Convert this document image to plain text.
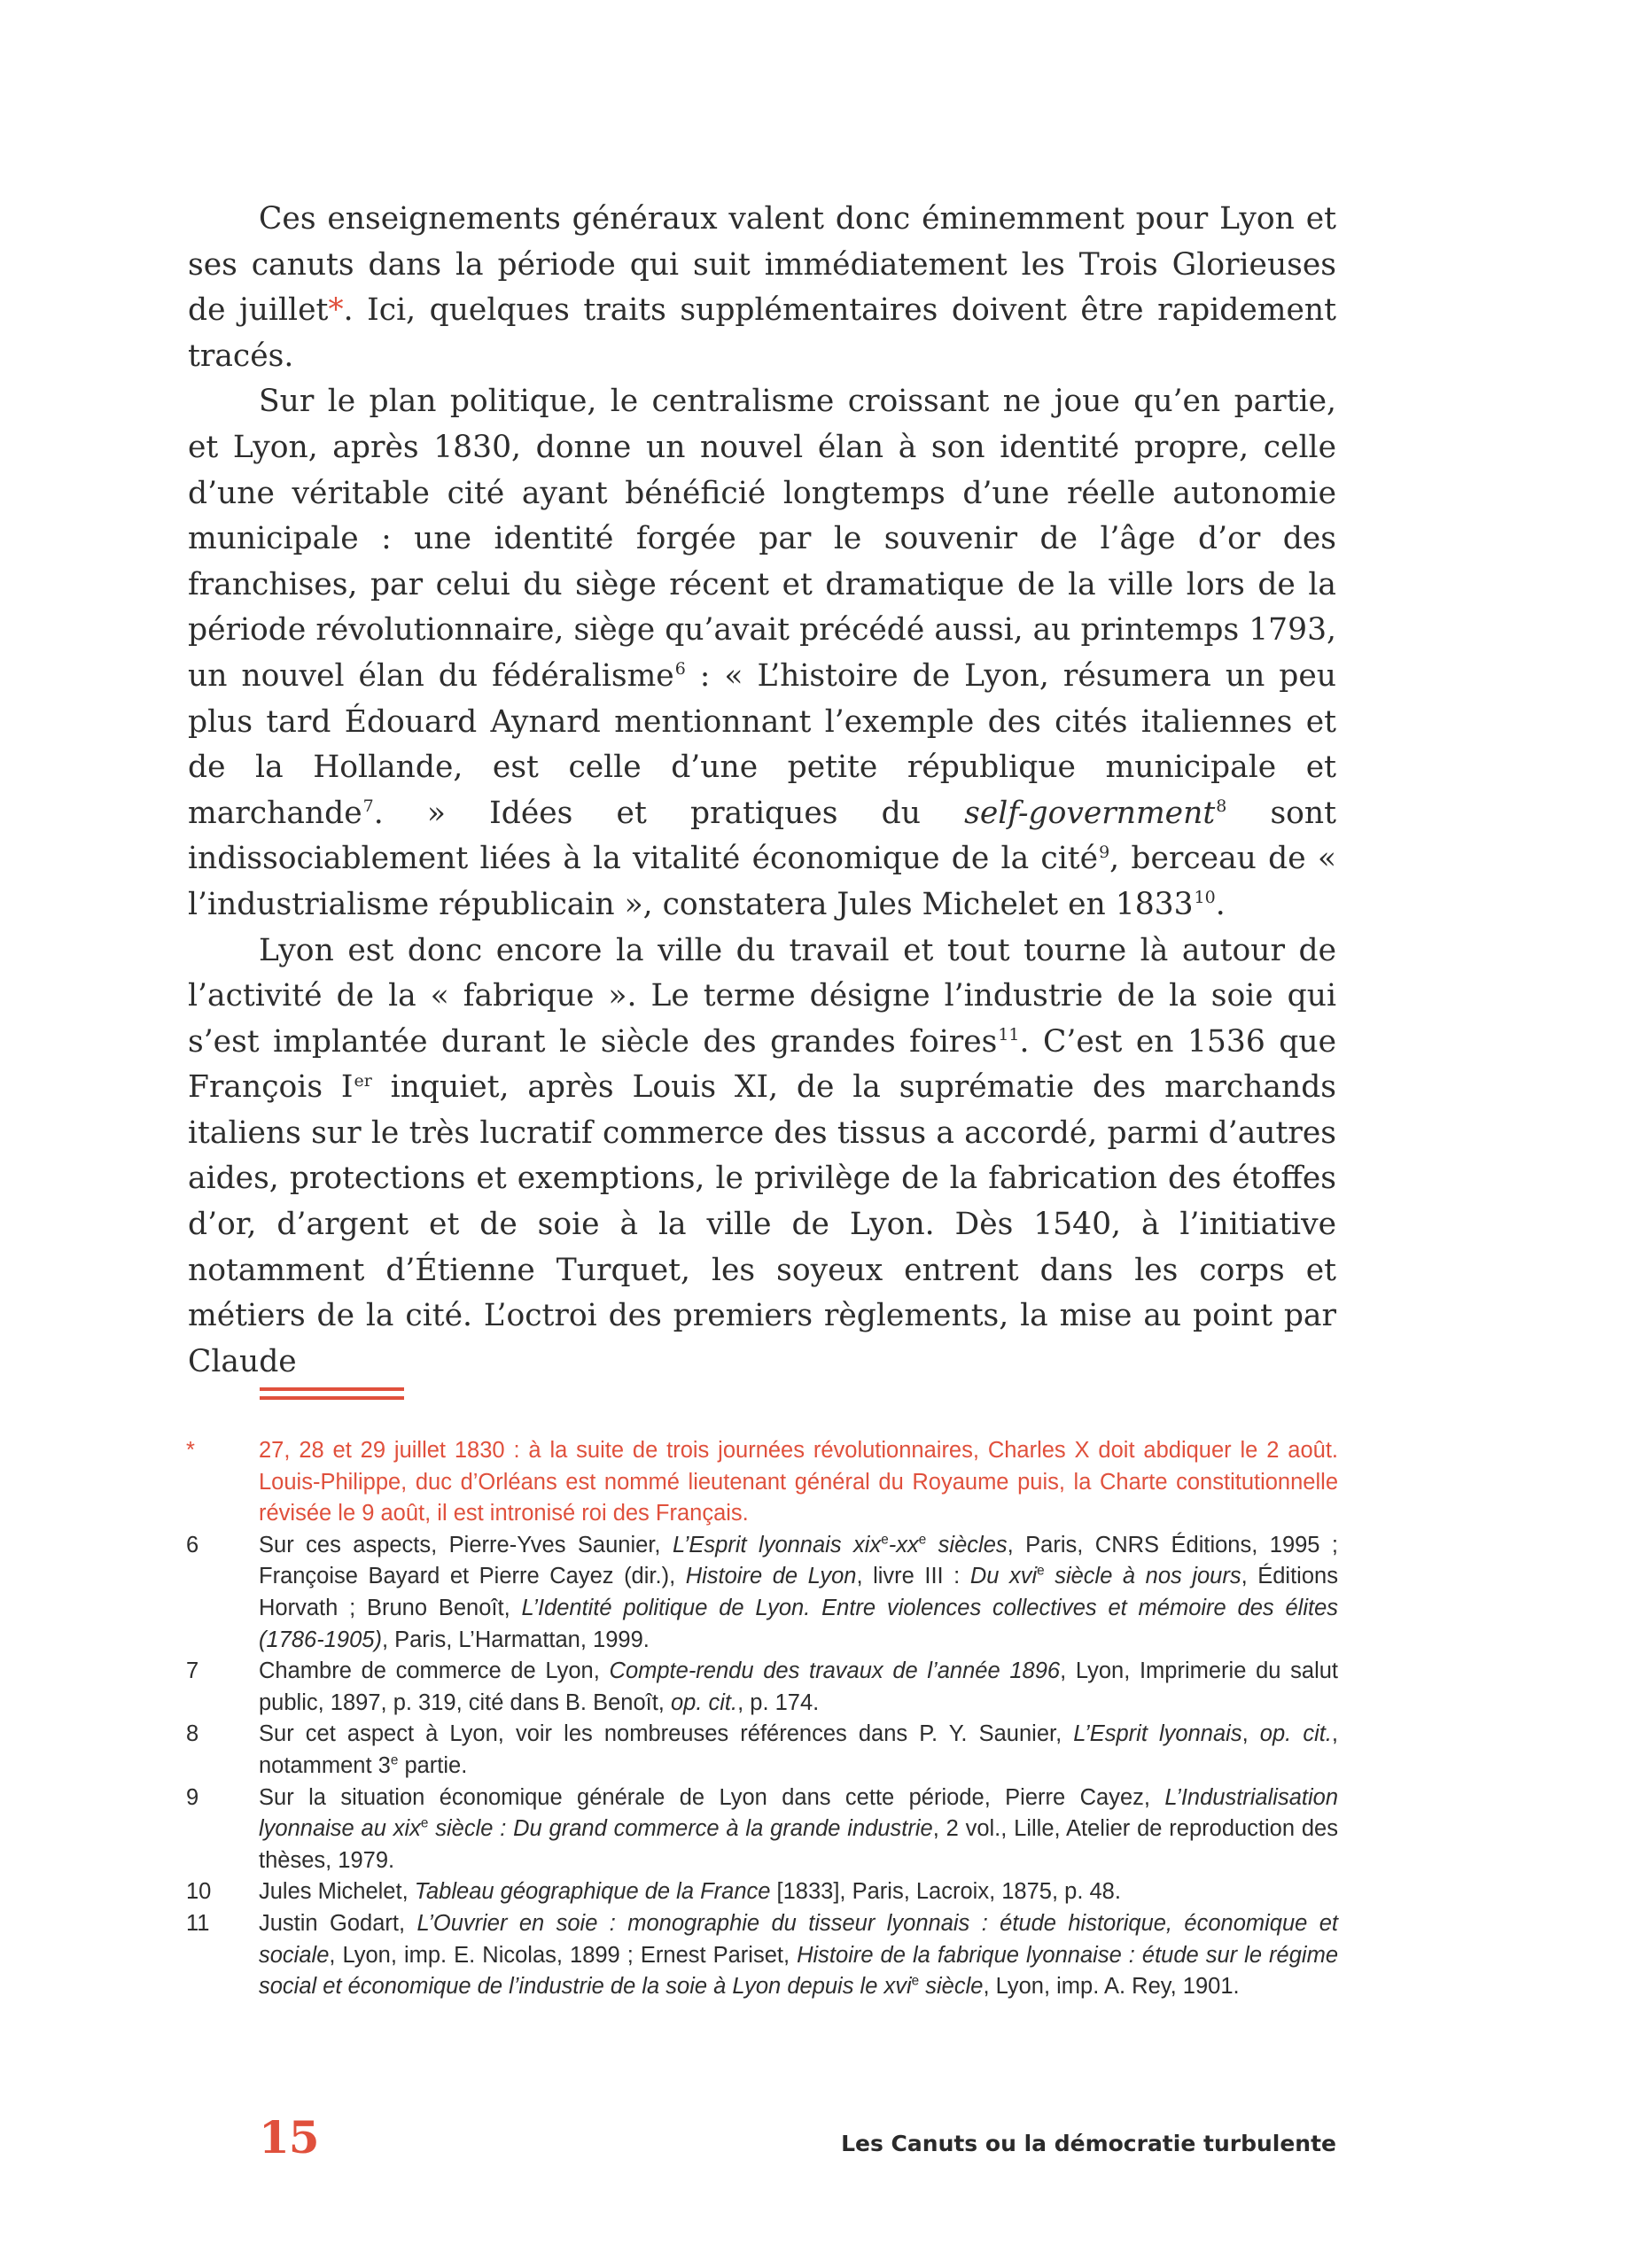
Ces enseignements généraux valent donc éminemment pour Lyon et ses canuts dans la période qui suit immédiatement les Trois Glorieuses de juillet*. Ici, quelques traits supplémentaires doivent être rapidement tracés.

Sur le plan politique, le centralisme croissant ne joue qu’en partie, et Lyon, après 1830, donne un nouvel élan à son identité propre, celle d’une véritable cité ayant bénéficié longtemps d’une réelle autonomie municipale : une identité forgée par le souvenir de l’âge d’or des franchises, par celui du siège récent et dramatique de la ville lors de la période révolutionnaire, siège qu’avait précédé aussi, au printemps 1793, un nouvel élan du fédéralisme$^6$ : « L’histoire de Lyon, résumera un peu plus tard Édouard Aynard mentionnant l’exemple des cités italiennes et de la Hollande, est celle d’une petite république municipale et marchande$^7$. » Idées et pratiques du self-government$^8$ sont indissociablement liées à la vitalité économique de la cité$^9$, berceau de « l’industrialisme républicain », constatera Jules Michelet en 1833$^{10}$.

Lyon est donc encore la ville du travail et tout tourne là autour de l’activité de la « fabrique ». Le terme désigne l’industrie de la soie qui s’est implantée durant le siècle des grandes foires$^{11}$. C’est en 1536 que François Ier inquiet, après Louis XI, de la suprématie des marchands italiens sur le très lucratif commerce des tissus a accordé, parmi d’autres aides, protections et exemptions, le privilège de la fabrication des étoffes d’or, d’argent et de soie à la ville de Lyon. Dès 1540, à l’initiative notamment d’Étienne Turquet, les soyeux entrent dans les corps et métiers de la cité. L’octroi des premiers règlements, la mise au point par Claude

*	27, 28 et 29 juillet 1830 : à la suite de trois journées révolutionnaires, Charles X doit abdiquer le 2 août. Louis-Philippe, duc d’Orléans est nommé lieutenant général du Royaume puis, la Charte constitutionnelle révisée le 9 août, il est intronisé roi des Français.
6	Sur ces aspects, Pierre-Yves Saunier, L’Esprit lyonnais $xix^e-xx^e$ siècles, Paris, CNRS Éditions, 1995 ; Françoise Bayard et Pierre Cayez (dir.), Histoire de Lyon, livre III : Du xvi$^e$ siècle à nos jours, Éditions Horvath ; Bruno Benoît, L’Identité politique de Lyon. Entre violences collectives et mémoire des élites (1786-1905), Paris, L’Harmattan, 1999.
7	Chambre de commerce de Lyon, Compte-rendu des travaux de l’année 1896, Lyon, Imprimerie du salut public, 1897, p. 319, cité dans B. Benoît, op. cit., p. 174.
8	Sur cet aspect à Lyon, voir les nombreuses références dans P. Y. Saunier, L’Esprit lyonnais, op. cit., notamment 3e partie.
9	Sur la situation économique générale de Lyon dans cette période, Pierre Cayez, L’Industrialisation lyonnaise au xix$^e$ siècle : Du grand commerce à la grande industrie, 2 vol., Lille, Atelier de reproduction des thèses, 1979.
10	Jules Michelet, Tableau géographique de la France [1833], Paris, Lacroix, 1875, p. 48.
11	Justin Godart, L’Ouvrier en soie : monographie du tisseur lyonnais : étude historique, économique et sociale, Lyon, imp. E. Nicolas, 1899 ; Ernest Pariset, Histoire de la fabrique lyonnaise : étude sur le régime social et économique de l’industrie de la soie à Lyon depuis le xvi$^e$ siècle, Lyon, imp. A. Rey, 1901.
15	Les Canuts ou la démocratie turbulente
